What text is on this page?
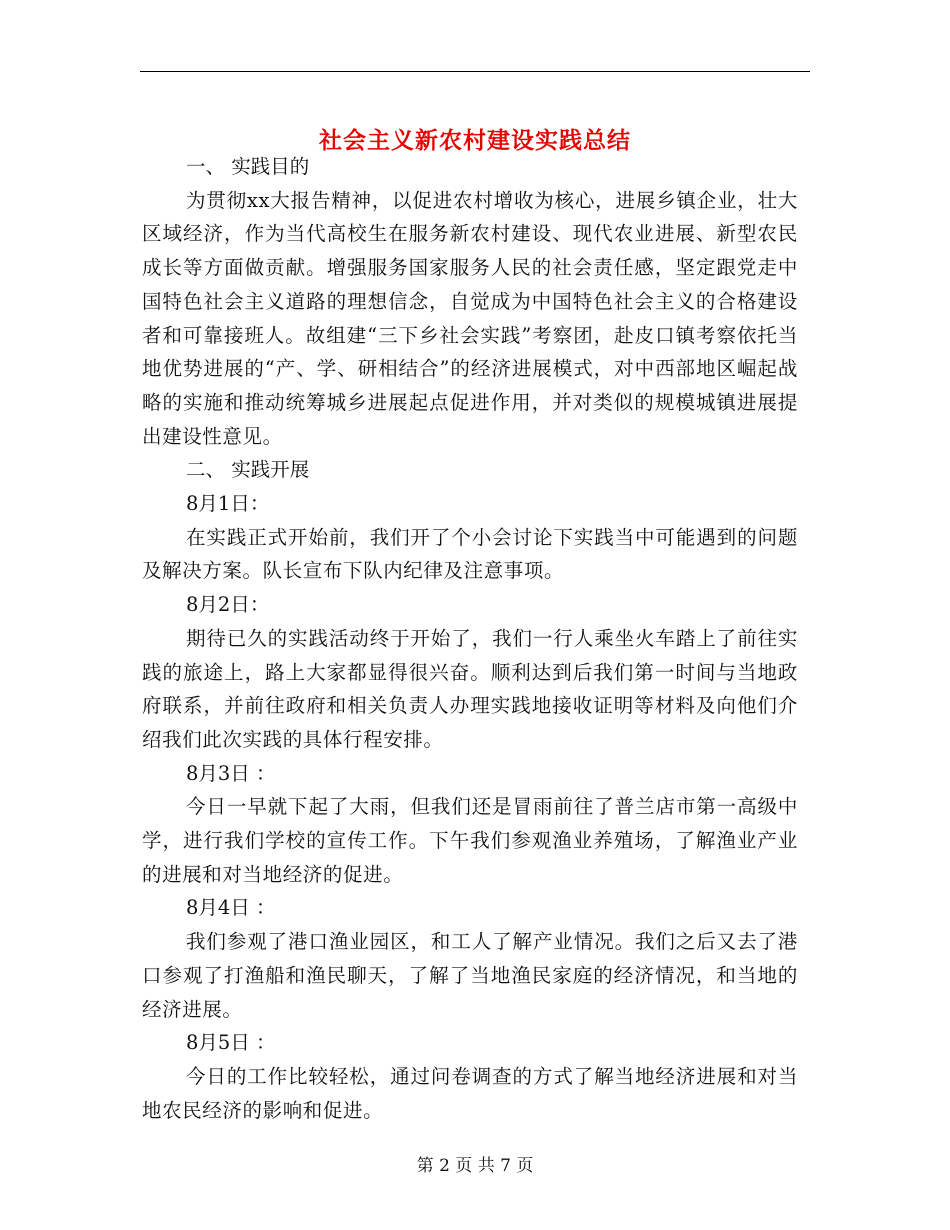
社会主义新农村建设实践总结

一、 实践目的

为贯彻xx大报告精神，以促进农村增收为核心，进展乡镇企业，壮大区域经济，作为当代高校生在服务新农村建设、现代农业进展、新型农民成长等方面做贡献。增强服务国家服务人民的社会责任感，坚定跟党走中国特色社会主义道路的理想信念，自觉成为中国特色社会主义的合格建设者和可靠接班人。故组建“三下乡社会实践”考察团，赴皮口镇考察依托当地优势进展的“产、学、研相结合”的经济进展模式，对中西部地区崛起战略的实施和推动统筹城乡进展起点促进作用，并对类似的规模城镇进展提出建设性意见。

二、 实践开展

8月1日：

在实践正式开始前，我们开了个小会讨论下实践当中可能遇到的问题及解决方案。队长宣布下队内纪律及注意事项。

8月2日：

期待已久的实践活动终于开始了，我们一行人乘坐火车踏上了前往实践的旅途上，路上大家都显得很兴奋。顺利达到后我们第一时间与当地政府联系，并前往政府和相关负责人办理实践地接收证明等材料及向他们介绍我们此次实践的具体行程安排。

8月3日 ：

今日一早就下起了大雨，但我们还是冒雨前往了普兰店市第一高级中学，进行我们学校的宣传工作。下午我们参观渔业养殖场，了解渔业产业的进展和对当地经济的促进。

8月4日 ：

我们参观了港口渔业园区，和工人了解产业情况。我们之后又去了港口参观了打渔船和渔民聊天，了解了当地渔民家庭的经济情况，和当地的经济进展。

8月5日 ：

今日的工作比较轻松，通过问卷调查的方式了解当地经济进展和对当地农民经济的影响和促进。

第 2 页 共 7 页
